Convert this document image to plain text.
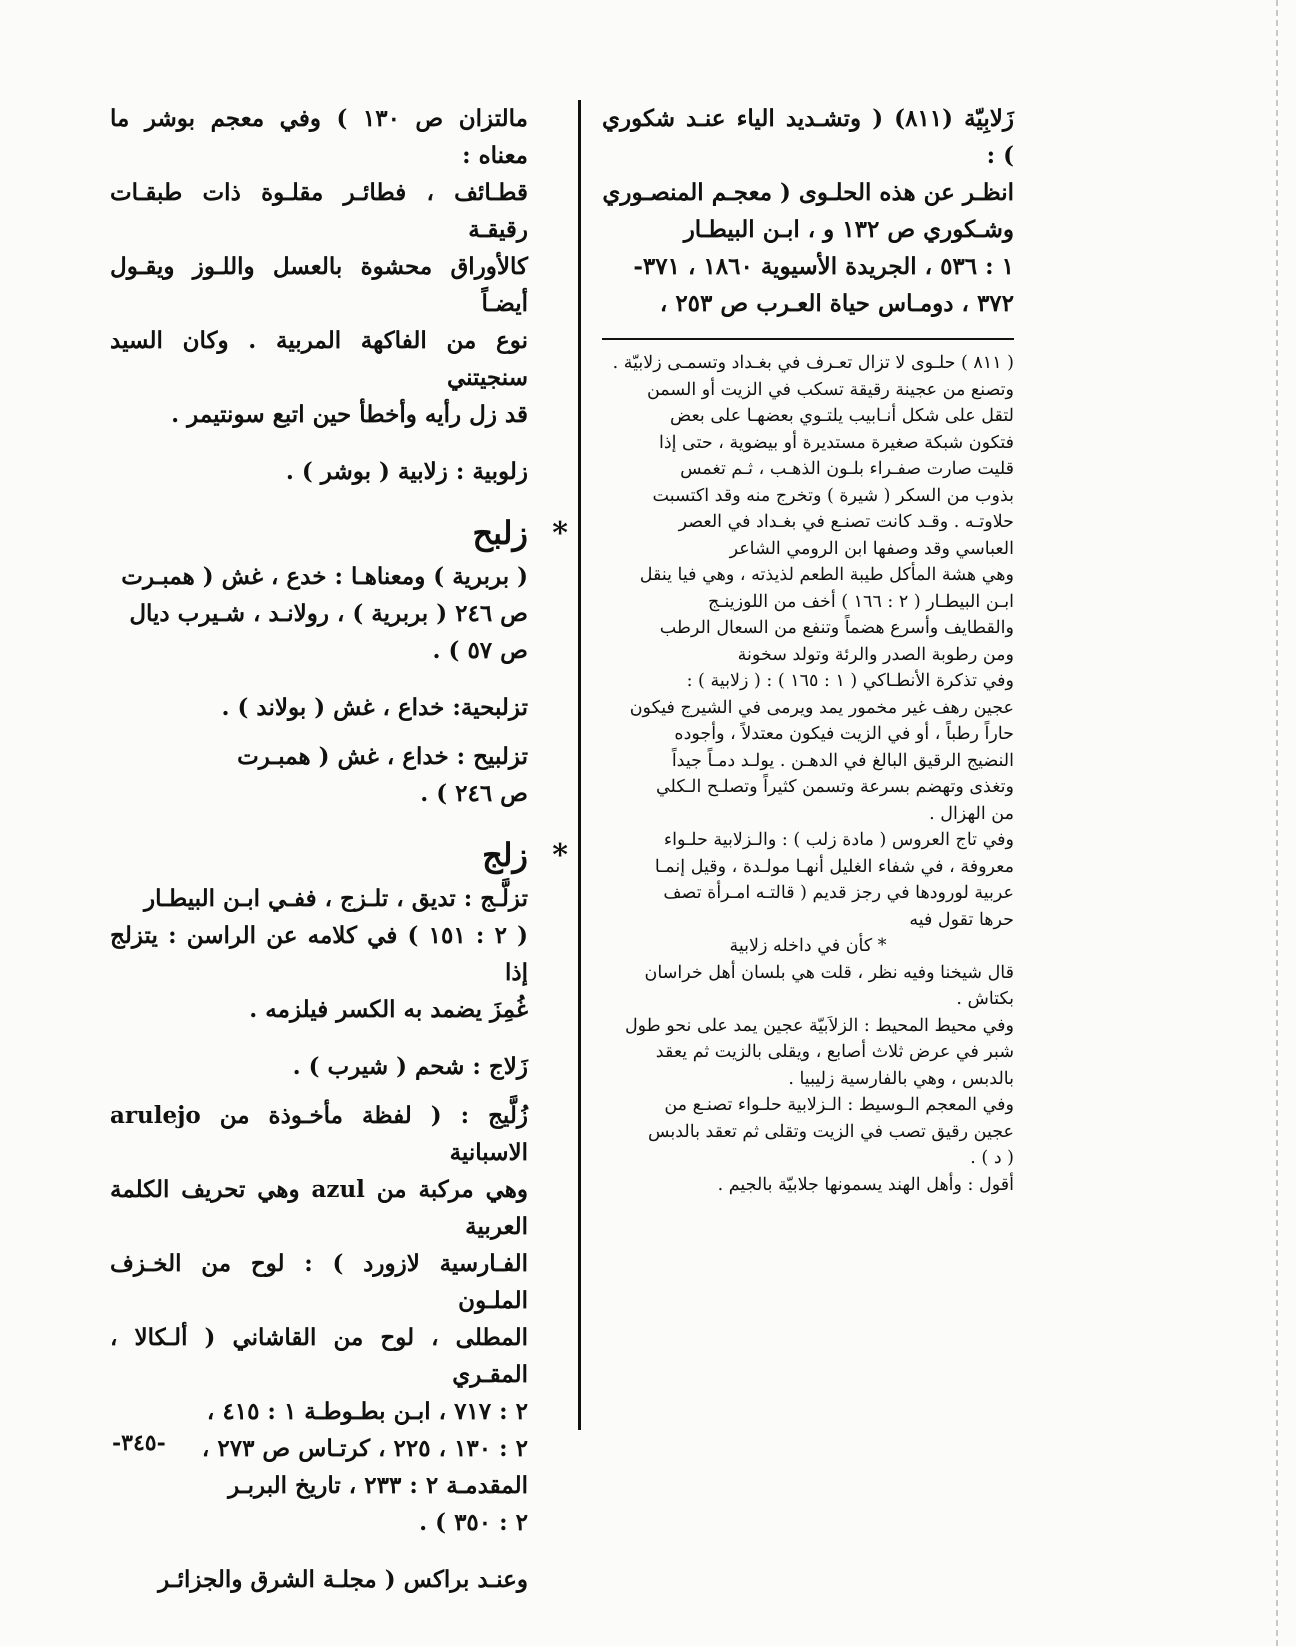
زَلابِيّة (٨١١) ( وتشـديد الياء عنـد شكوري ) :

انظـر عن هذه الحلـوى ( معجـم المنصـوري

وشـكوري ص ١٣٢ و ، ابـن البيطـار

١ : ٥٣٦ ، الجريدة الأسيوية ١٨٦٠ ، ٣٧١-

٣٧٢ ، دومـاس حياة العـرب ص ٢٥٣ ،

( ٨١١ ) حلـوى لا تزال تعـرف في بغـداد وتسمـى زلابيّة .

وتصنع من عجينة رقيقة تسكب في الزيت أو السمن

لتقل على شكل أنـابيب يلتـوي بعضهـا على بعض

فتكون شبكة صغيرة مستديرة أو بيضوية ، حتى إذا

قليت صارت صفـراء بلـون الذهـب ، ثـم تغمس

بذوب من السكر ( شيرة ) وتخرج منه وقد اكتسبت

حلاوتـه . وقـد كانت تصنـع في بغـداد في العصر

العباسي وقد وصفها ابن الرومي الشاعر

وهي هشة المأكل طيبة الطعم لذيذته ، وهي فيا ينقل

ابـن البيطـار ( ٢ : ١٦٦ ) أخف من اللوزينـج

والقطايف وأسرع هضماً وتنفع من السعال الرطب

ومن رطوبة الصدر والرئة وتولد سخونة

وفي تذكرة الأنطـاكي ( ١ : ١٦٥ ) : ( زلابية ) :

عجين رهف غير مخمور يمد ويرمى في الشيرج فيكون

حاراً رطباً ، أو في الزيت فيكون معتدلاً ، وأجوده

النضيج الرقيق البالغ في الدهـن . يولـد دمـاً جيداً

وتغذى وتهضم بسرعة وتسمن كثيراً وتصلـح الـكلي

من الهزال .

وفي تاج العروس ( مادة زلب ) : والـزلابية حلـواء

معروفة ، في شفاء الغليل أنهـا مولـدة ، وقيل إنمـا

عربية لورودها في رجز قديم ( قالتـه امـرأة تصف

حرها تقول فيه

* كأن في داخله زلابية

قال شيخنا وفيه نظر ، قلت هي بلسان أهل خراسان

بكتاش .

وفي محيط المحيط : الزلاَبيّة عجين يمد على نحو طول

شبر في عرض ثلاث أصابع ، ويقلى بالزيت ثم يعقد

بالدبس ، وهي بالفارسية زليبيا .

وفي المعجم الـوسيط : الـزلابية حلـواء تصنـع من

عجين رقيق تصب في الزيت وتقلى ثم تعقد بالدبس

( د ) .

أقول : وأهل الهند يسمونها جلابيّة بالجيم .

مالتزان ص ١٣٠ ) وفي معجم بوشر ما معناه :

قطـائف ، فطائـر مقلـوة ذات طبقـات رقيقـة

كالأوراق محشوة بالعسل واللـوز ويقـول أيضـاً

نوع من الفاكهة المربية . وكان السيد سنجيتني

قد زل رأيه وأخطأ حين اتبع سونتيمر .

زلوبية : زلابية ( بوشر ) .

*
زلبح

( بربرية ) ومعناهـا : خدع ، غش ( همبـرت

ص ٢٤٦ ( بربرية ) ، رولانـد ، شـيرب ديال

ص ٥٧ ) .

تزلبحية: خداع ، غش ( بولاند ) .

تزلبيح : خداع ، غش ( همبـرت

ص ٢٤٦ ) .

*
زلج

تزلَّـج : تديق ، تلـزج ، ففـي ابـن البيطـار

( ٢ : ١٥١ ) في كلامه عن الراسن : يتزلج إذا

غُمِزَ يضمد به الكسر فيلزمه .

زَلاج : شحم ( شيرب ) .

زُلَّيج : ( لفظة مأخـوذة من arulejo الاسبانية

وهي مركبة من azul وهي تحريف الكلمة العربية

الفـارسية لازورد ) : لوح من الخـزف الملـون

المطلى ، لوح من القاشاني ( ألـكالا ، المقـري

٢ : ٧١٧ ، ابـن بطـوطـة ١ : ٤١٥ ،

٢ : ١٣٠ ، ٢٢٥ ، كرتـاس ص ٢٧٣ ،

المقدمـة ٢ : ٢٣٣ ، تاريخ البربـر

٢ : ٣٥٠ ) .

وعنـد براكس ( مجلـة الشرق والجزائـر

-٣٤٥-
